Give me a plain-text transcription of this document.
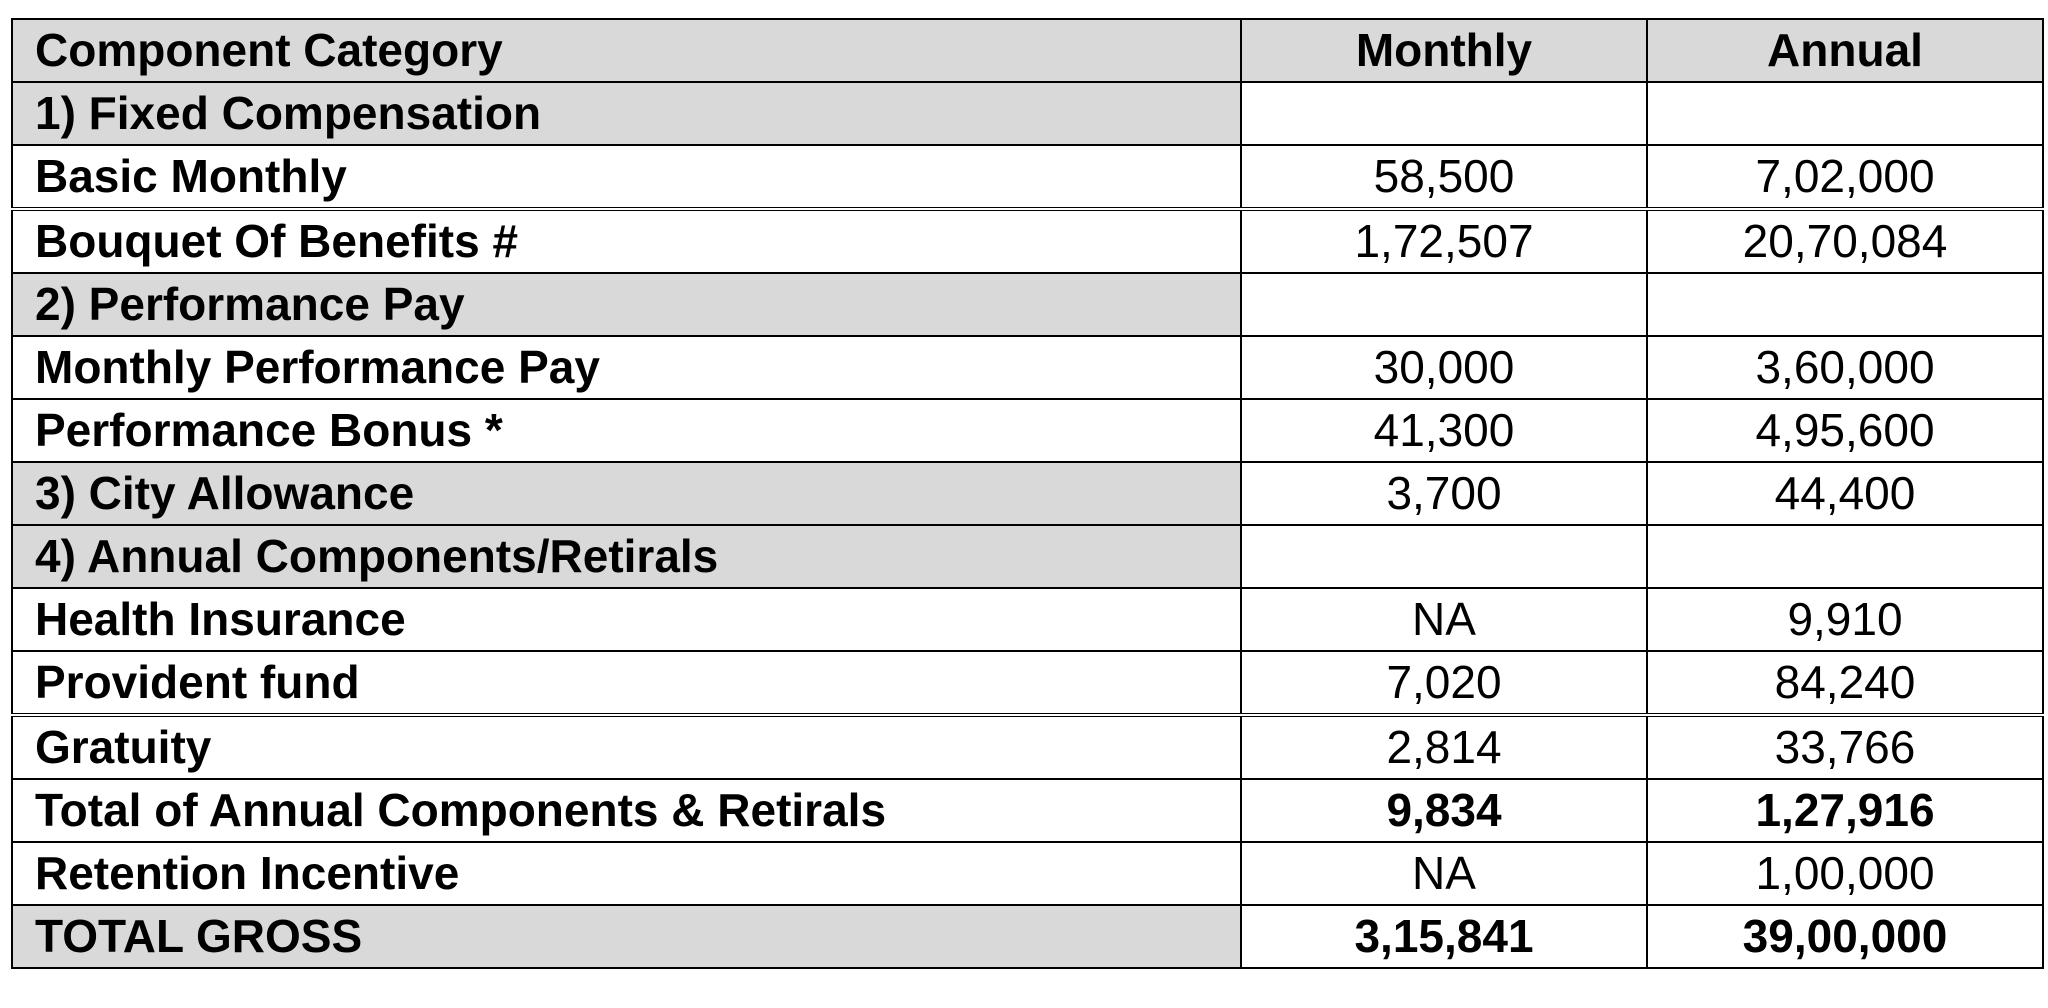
Component Category	Monthly	Annual
1) Fixed Compensation		
Basic Monthly	58,500	7,02,000
Bouquet Of Benefits #	1,72,507	20,70,084
2) Performance Pay		
Monthly Performance Pay	30,000	3,60,000
Performance Bonus *	41,300	4,95,600
3) City Allowance	3,700	44,400
4) Annual Components/Retirals		
Health Insurance	NA	9,910
Provident fund	7,020	84,240
Gratuity	2,814	33,766
Total of Annual Components & Retirals	9,834	1,27,916
Retention Incentive	NA	1,00,000
TOTAL GROSS	3,15,841	39,00,000
